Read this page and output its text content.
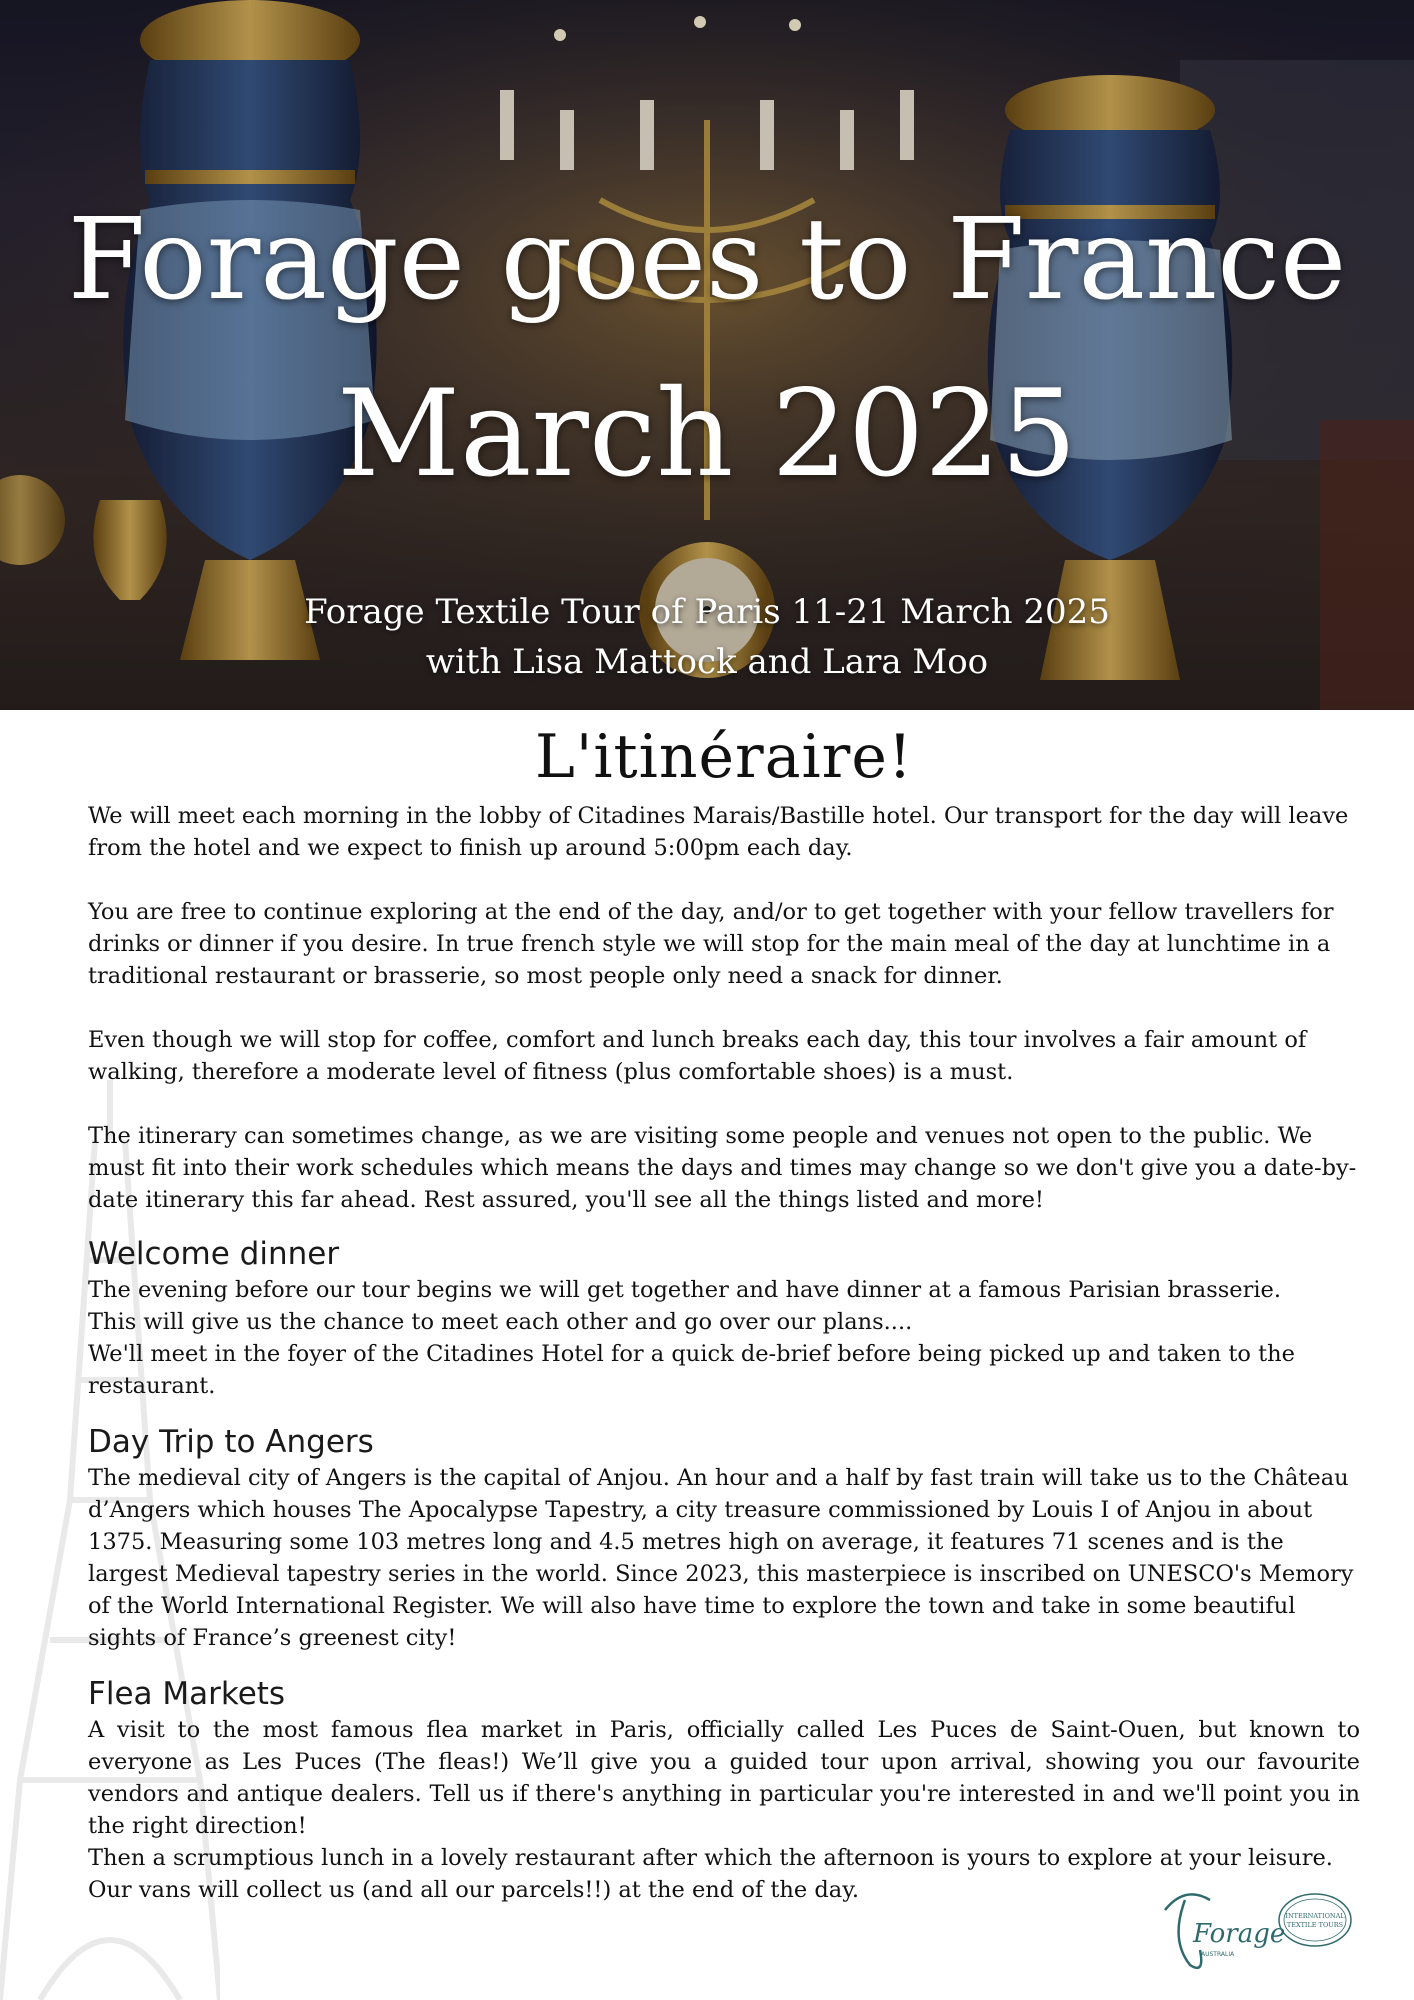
Forage goes to France
March 2025

Forage Textile Tour of Paris 11-21 March 2025

with Lisa Mattock and Lara Moo

L'itinéraire!

We will meet each morning in the lobby of Citadines Marais/Bastille hotel. Our transport for the day will leave from the hotel and we expect to finish up around 5:00pm each day.

You are free to continue exploring at the end of the day, and/or to get together with your fellow travellers for drinks or dinner if you desire. In true french style we will stop for the main meal of the day at lunchtime in a traditional restaurant or brasserie, so most people only need a snack for dinner.

Even though we will stop for coffee, comfort and lunch breaks each day, this tour involves a fair amount of walking, therefore a moderate level of fitness (plus comfortable shoes) is a must.

The itinerary can sometimes change, as we are visiting some people and venues not open to the public. We must fit into their work schedules which means the days and times may change so we don't give you a date-by-date itinerary this far ahead. Rest assured, you'll see all the things listed and more!

Welcome dinner

The evening before our tour begins we will get together and have dinner at a famous Parisian brasserie.

This will give us the chance to meet each other and go over our plans....

We'll meet in the foyer of the Citadines Hotel for a quick de-brief before being picked up and taken to the restaurant.

Day Trip to Angers

The medieval city of Angers is the capital of Anjou. An hour and a half by fast train will take us to the Château d’Angers which houses The Apocalypse Tapestry, a city treasure commissioned by Louis I of Anjou in about 1375. Measuring some 103 metres long and 4.5 metres high on average, it features 71 scenes and is the largest Medieval tapestry series in the world. Since 2023, this masterpiece is inscribed on UNESCO's Memory of the World International Register. We will also have time to explore the town and take in some beautiful sights of France’s greenest city!

Flea Markets

A visit to the most famous flea market in Paris, officially called Les Puces de Saint-Ouen, but known to everyone as Les Puces (The fleas!) We’ll give you a guided tour upon arrival, showing you our favourite vendors and antique dealers. Tell us if there's anything in particular you're interested in and we'll point you in the right direction!

Then a scrumptious lunch in a lovely restaurant after which the afternoon is yours to explore at your leisure.

Our vans will collect us (and all our parcels!!) at the end of the day.

Forage
AUSTRALIA
INTERNATIONAL
TEXTILE TOURS
